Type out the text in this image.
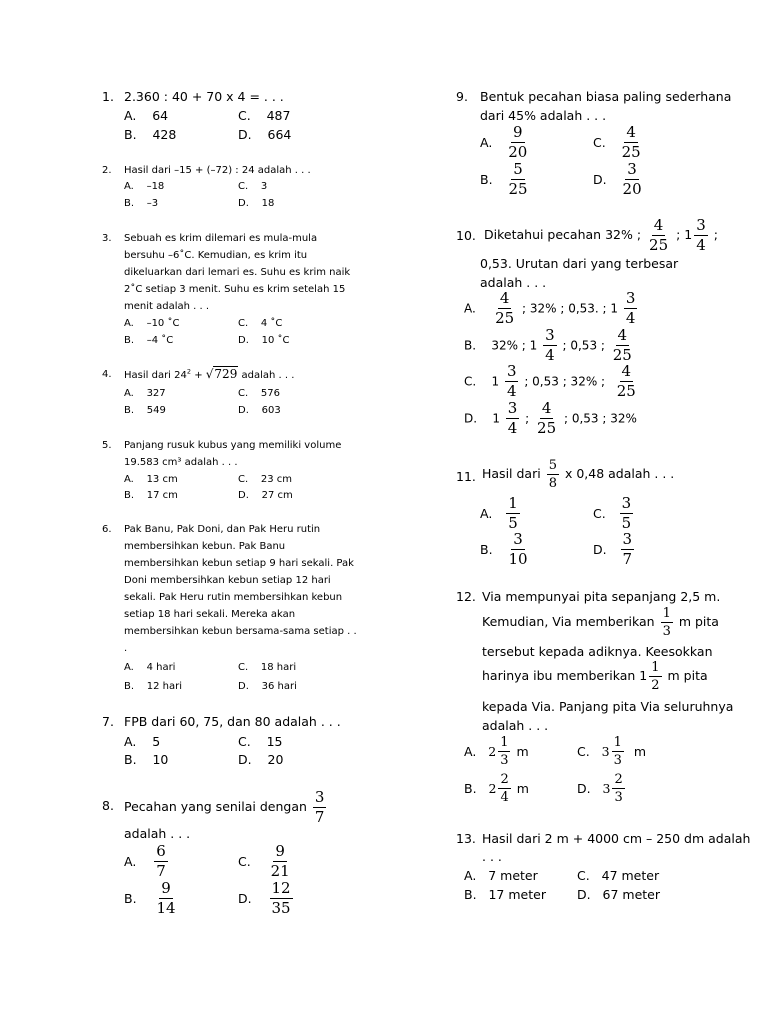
1. 2.360 : 40 + 70 x 4 = . . .
A. 64	C. 487
B. 428	D. 664
2. Hasil dari –15 + (–72) : 24 adalah . . .
A. –18	C. 3
B. –3	D. 18
3. Sebuah es krim dilemari es mula-mula
bersuhu –6˚C. Kemudian, es krim itu
dikeluarkan dari lemari es. Suhu es krim naik
2˚C setiap 3 menit. Suhu es krim setelah 15
menit adalah . . .
A. –10 ˚C	C. 4 ˚C
B. –4 ˚C	D. 10 ˚C
4. Hasil dari $24^2 + √729$ adalah . . .
A. 327	C. 576
B. 549	D. 603
5. Panjang rusuk kubus yang memiliki volume
19.583 cm³ adalah . . .
A. 13 cm	C. 23 cm
B. 17 cm	D. 27 cm
6. Pak Banu, Pak Doni, dan Pak Heru rutin
membersihkan kebun. Pak Banu
membersihkan kebun setiap 9 hari sekali. Pak
Doni membersihkan kebun setiap 12 hari
sekali. Pak Heru rutin membersihkan kebun
setiap 18 hari sekali. Mereka akan
membersihkan kebun bersama-sama setiap . .
.
A. 4 hari	C. 18 hari
B. 12 hari	D. 36 hari
7. FPB dari 60, 75, dan 80 adalah . . .
A. 5	C. 15
B. 10	D. 20
8. Pecahan yang senilai dengan $\frac{3}{7}$
adalah . . .
A. $\frac{6}{7}$	C. $\frac{9}{21}$
B. $\frac{9}{14}$	D. $\frac{12}{35}$
9. Bentuk pecahan biasa paling sederhana
dari 45% adalah . . .
A. $\frac{9}{20}$	C. $\frac{4}{25}$
B. $\frac{5}{25}$	D. $\frac{3}{20}$
10. Diketahui pecahan 32% ; $\frac{4}{25}$ ; $1 \frac{3}{4}$ ;
0,53. Urutan dari yang terbesar
adalah . . .
A. $\frac{4}{25}$ ; 32% ; 0,53. ; $1 \frac{3}{4}$
B. 32% ; $1 \frac{3}{4}$ ; 0,53 ; $\frac{4}{25}$
C. $1 \frac{3}{4}$ ; 0,53 ; 32% ; $\frac{4}{25}$
D. $1 \frac{3}{4}$ ; $\frac{4}{25}$ ; 0,53 ; 32%
11. Hasil dari $\frac{5}{8}$ x 0,48 adalah . . .
A. $\frac{1}{5}$	C. $\frac{3}{5}$
B. $\frac{3}{10}$	D. $\frac{3}{7}$
12. Via mempunyai pita sepanjang 2,5 m.
Kemudian, Via memberikan $\frac{1}{3}$ m pita
tersebut kepada adiknya. Keesokkan
harinya ibu memberikan $1 \frac{1}{2}$ m pita
kepada Via. Panjang pita Via seluruhnya
adalah . . .
A. $2 \frac{1}{3}$ m	C. $3 \frac{1}{3}$ m
B. $2 \frac{2}{4}$ m	D. $3 \frac{2}{3}$
13. Hasil dari 2 m + 4000 cm – 250 dm adalah
. . .
A. 7 meter	C. 47 meter
B. 17 meter D. 67 meter
